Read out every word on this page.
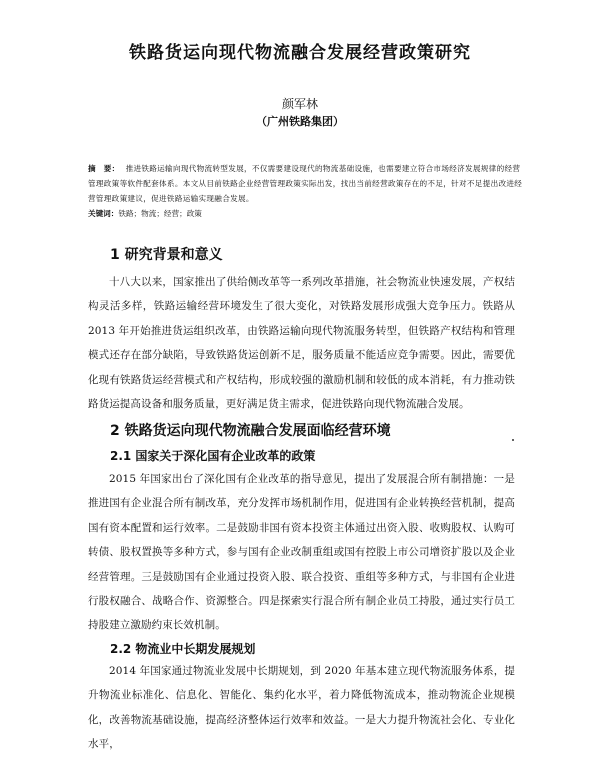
铁路货运向现代物流融合发展经营政策研究
颜军林
（广州铁路集团）
摘　要： 推进铁路运输向现代物流转型发展，不仅需要建设现代的物流基础设施，也需要建立符合市场经济发展规律的经营管理政策等软件配套体系。本文从目前铁路企业经营管理政策实际出发，找出当前经营政策存在的不足，针对不足提出改进经营管理政策建议，促进铁路运输实现融合发展。
关键词：铁路；物流；经营；政策
1 研究背景和意义
十八大以来，国家推出了供给侧改革等一系列改革措施，社会物流业快速发展，产权结构灵活多样，铁路运输经营环境发生了很大变化，对铁路发展形成强大竞争压力。铁路从 2013 年开始推进货运组织改革，由铁路运输向现代物流服务转型，但铁路产权结构和管理模式还存在部分缺陷，导致铁路货运创新不足，服务质量不能适应竞争需要。因此，需要优化现有铁路货运经营模式和产权结构，形成较强的激励机制和较低的成本消耗，有力推动铁路货运提高设备和服务质量，更好满足货主需求，促进铁路向现代物流融合发展。
2 铁路货运向现代物流融合发展面临经营环境
2.1 国家关于深化国有企业改革的政策
2015 年国家出台了深化国有企业改革的指导意见，提出了发展混合所有制措施：一是推进国有企业混合所有制改革，充分发挥市场机制作用，促进国有企业转换经营机制，提高国有资本配置和运行效率。二是鼓励非国有资本投资主体通过出资入股、收购股权、认购可转债、股权置换等多种方式，参与国有企业改制重组或国有控股上市公司增资扩股以及企业经营管理。三是鼓励国有企业通过投资入股、联合投资、重组等多种方式，与非国有企业进行股权融合、战略合作、资源整合。四是探索实行混合所有制企业员工持股，通过实行员工持股建立激励约束长效机制。
2.2 物流业中长期发展规划
2014 年国家通过物流业发展中长期规划，到 2020 年基本建立现代物流服务体系，提升物流业标准化、信息化、智能化、集约化水平，着力降低物流成本，推动物流企业规模化，改善物流基础设施，提高经济整体运行效率和效益。一是大力提升物流社会化、专业化水平，
